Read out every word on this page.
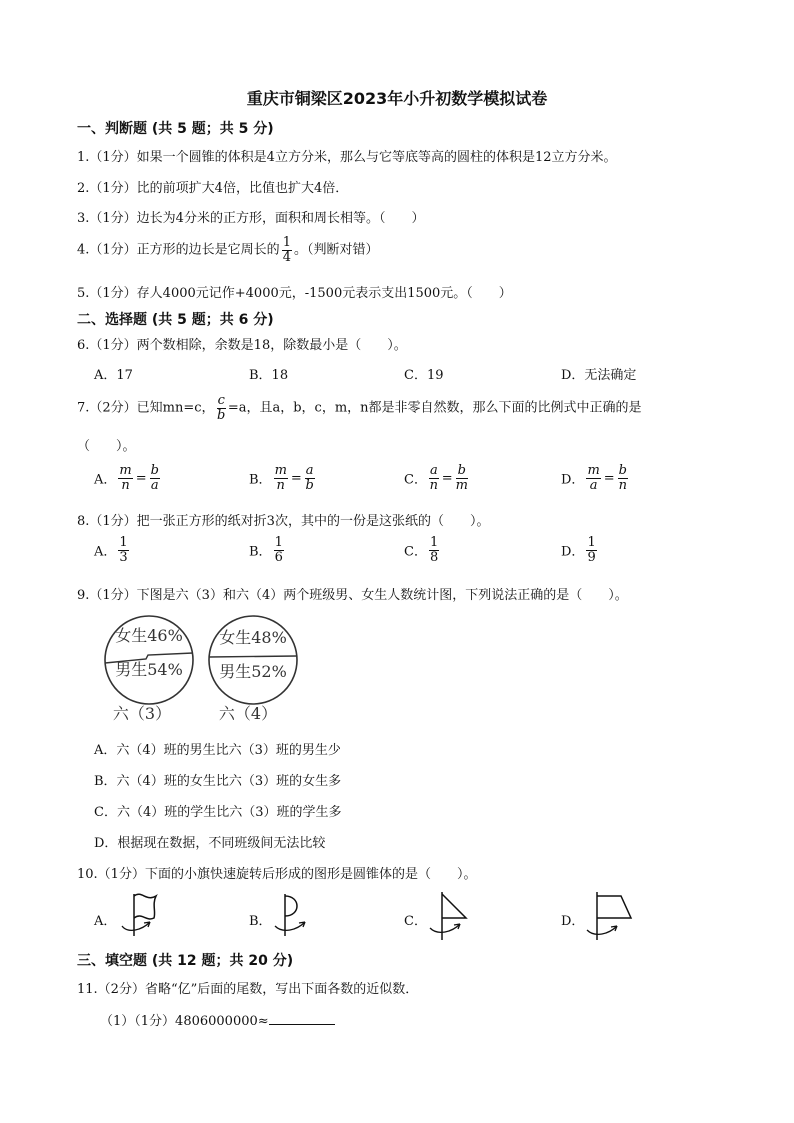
重庆市铜梁区2023年小升初数学模拟试卷
一、判断题 (共 5 题；共 5 分)
1.（1分）如果一个圆锥的体积是4立方分米，那么与它等底等高的圆柱的体积是12立方分米。
2.（1分）比的前项扩大4倍，比值也扩大4倍．
3.（1分）边长为4分米的正方形，面积和周长相等。（　　）
4.（1分）正方形的边长是它周长的 $\frac{1}{4}$ 。（判断对错）
5.（1分）存人4000元记作+4000元，-1500元表示支出1500元。（　　）
二、选择题 (共 5 题；共 6 分)
6.（1分）两个数相除，余数是18，除数最小是（　　）。
A．17	B．18	C．19	D．无法确定
7.（2分）已知mn=c， $\frac{c}{b} =a$，且a，b，c，m，n都是非零自然数，那么下面的比例式中正确的是
（　　）。
A． $\frac{m}{n} = \frac{b}{a}$	B． $\frac{m}{n} = \frac{a}{b}$	C． $\frac{a}{n} = \frac{b}{m}$	D． $\frac{m}{a} = \frac{b}{n}$
8.（1分）把一张正方形的纸对折3次，其中的一份是这张纸的（　　）。
A． $\frac{1}{3}$	B． $\frac{1}{6}$	C． $\frac{1}{8}$	D． $\frac{1}{9}$
9.（1分）下图是六（3）和六（4）两个班级男、女生人数统计图，下列说法正确的是（　　）。
女生46%
男生54%
六（3）
女生48%
男生52%
六（4）
A．六（4）班的男生比六（3）班的男生少
B．六（4）班的女生比六（3）班的女生多
C．六（4）班的学生比六（3）班的学生多
D．根据现在数据，不同班级间无法比较
10.（1分）下面的小旗快速旋转后形成的图形是圆锥体的是（　　）。
A．	B．	C．	D．
三、填空题 (共 12 题；共 20 分)
11.（2分）省略“亿”后面的尾数，写出下面各数的近似数．
（1）（1分）4806000000≈
